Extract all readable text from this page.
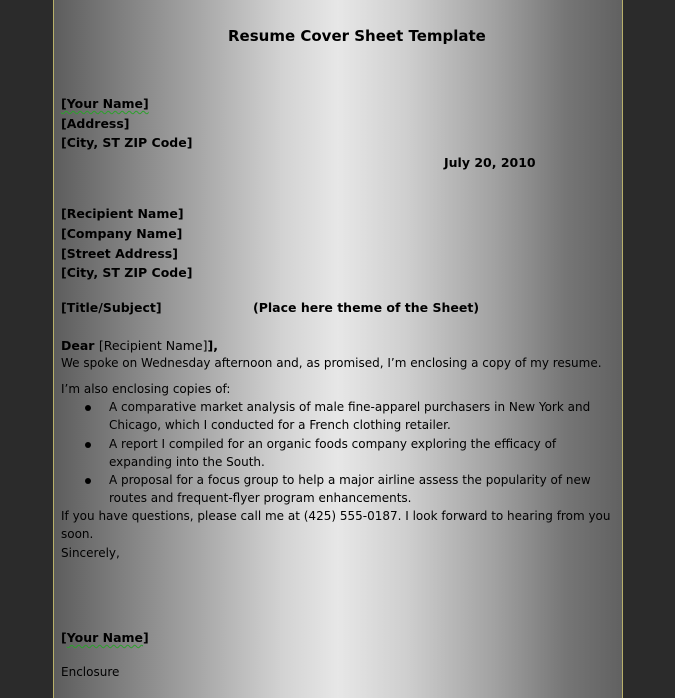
Resume Cover Sheet Template
[Your Name]
[Address]
[City, ST ZIP Code]
July 20, 2010
[Recipient Name]
[Company Name]
[Street Address]
[City, ST ZIP Code]
[Title/Subject]	(Place here theme of the Sheet)
Dear [Recipient Name]],
We spoke on Wednesday afternoon and, as promised, I’m enclosing a copy of my resume.
I’m also enclosing copies of:
A comparative market analysis of male fine-apparel purchasers in New York and
Chicago, which I conducted for a French clothing retailer.
A report I compiled for an organic foods company exploring the efficacy of
expanding into the South.
A proposal for a focus group to help a major airline assess the popularity of new
routes and frequent-flyer program enhancements.
If you have questions, please call me at (425) 555-0187. I look forward to hearing from you
soon.
Sincerely,
[Your Name]
Enclosure
